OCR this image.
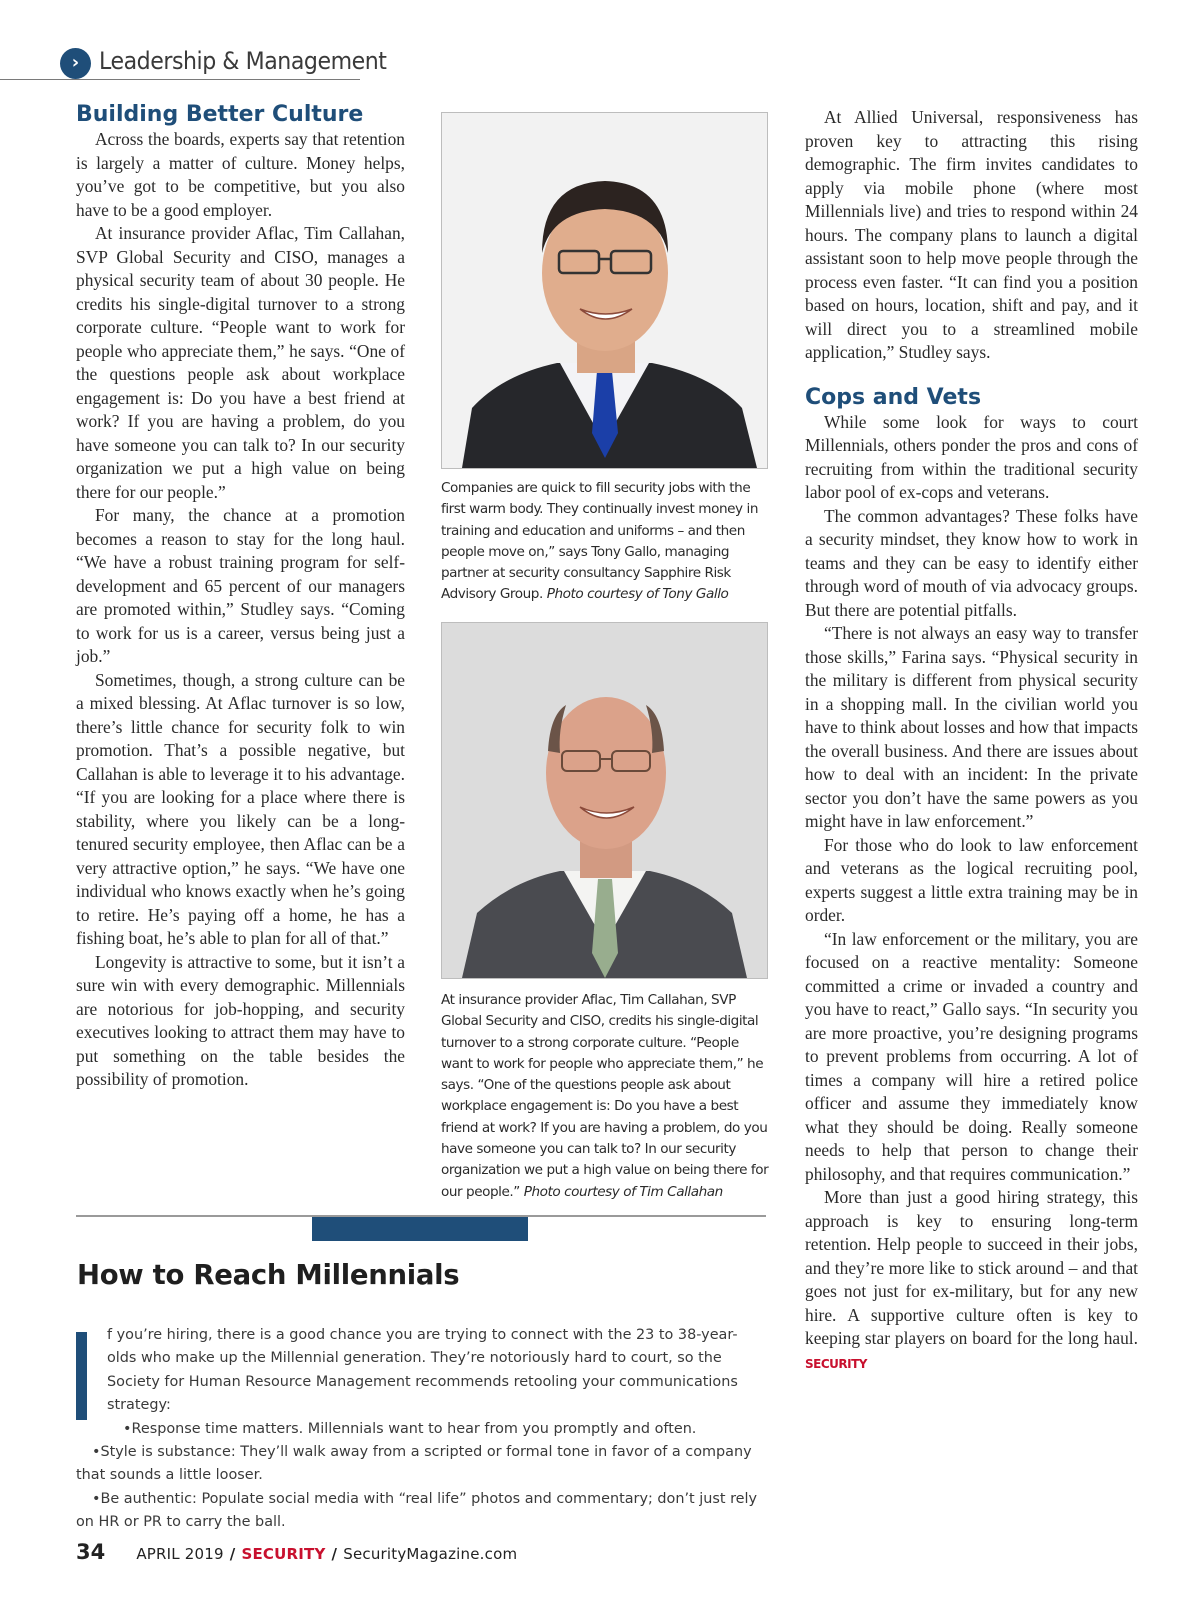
› Leadership & Management
Building Better Culture

Across the boards, experts say that retention is largely a matter of culture. Money helps, you’ve got to be competitive, but you also have to be a good employer.

At insurance provider Aflac, Tim Callahan, SVP Global Security and CISO, manages a physical security team of about 30 people. He credits his single-digital turnover to a strong corporate culture. “People want to work for people who appreciate them,” he says. “One of the questions people ask about workplace engagement is: Do you have a best friend at work? If you are having a problem, do you have someone you can talk to? In our security organization we put a high value on being there for our people.”

For many, the chance at a promotion becomes a reason to stay for the long haul. “We have a robust training program for self-development and 65 percent of our managers are promoted within,” Studley says. “Coming to work for us is a career, versus being just a job.”

Sometimes, though, a strong culture can be a mixed blessing. At Aflac turnover is so low, there’s little chance for security folk to win promotion. That’s a possible negative, but Callahan is able to leverage it to his advantage. “If you are looking for a place where there is stability, where you likely can be a long-tenured security employee, then Aflac can be a very attractive option,” he says. “We have one individual who knows exactly when he’s going to retire. He’s paying off a home, he has a fishing boat, he’s able to plan for all of that.”

Longevity is attractive to some, but it isn’t a sure win with every demographic. Millennials are notorious for job-hopping, and security executives looking to attract them may have to put something on the table besides the possibility of promotion.

Companies are quick to fill security jobs with the first warm body. They continually invest money in training and education and uniforms – and then people move on,” says Tony Gallo, managing partner at security consultancy Sapphire Risk Advisory Group. Photo courtesy of Tony Gallo
At insurance provider Aflac, Tim Callahan, SVP Global Security and CISO, credits his single-digital turnover to a strong corporate culture. “People want to work for people who appreciate them,” he says. “One of the questions people ask about workplace engagement is: Do you have a best friend at work? If you are having a problem, do you have someone you can talk to? In our security organization we put a high value on being there for our people.” Photo courtesy of Tim Callahan

At Allied Universal, responsiveness has proven key to attracting this rising demographic. The firm invites candidates to apply via mobile phone (where most Millennials live) and tries to respond within 24 hours. The company plans to launch a digital assistant soon to help move people through the process even faster. “It can find you a position based on hours, location, shift and pay, and it will direct you to a streamlined mobile application,” Studley says.

Cops and Vets

While some look for ways to court Millennials, others ponder the pros and cons of recruiting from within the traditional security labor pool of ex-cops and veterans.

The common advantages? These folks have a security mindset, they know how to work in teams and they can be easy to identify either through word of mouth of via advocacy groups. But there are potential pitfalls.

“There is not always an easy way to transfer those skills,” Farina says. “Physical security in the military is different from physical security in a shopping mall. In the civilian world you have to think about losses and how that impacts the overall business. And there are issues about how to deal with an incident: In the private sector you don’t have the same powers as you might have in law enforcement.”

For those who do look to law enforcement and veterans as the logical recruiting pool, experts suggest a little extra training may be in order.

“In law enforcement or the military, you are focused on a reactive mentality: Someone committed a crime or invaded a country and you have to react,” Gallo says. “In security you are more proactive, you’re designing programs to prevent problems from occurring. A lot of times a company will hire a retired police officer and assume they immediately know what they should be doing. Really someone needs to help that person to change their philosophy, and that requires communication.”

More than just a good hiring strategy, this approach is key to ensuring long-term retention. Help people to succeed in their jobs, and they’re more like to stick around – and that goes not just for ex-military, but for any new hire. A supportive culture often is key to keeping star players on board for the long haul. SECURITY

How to Reach Millennials

f you’re hiring, there is a good chance you are trying to connect with the 23 to 38-year-olds who make up the Millennial generation. They’re notoriously hard to court, so the Society for Human Resource Management recommends retooling your communications strategy:

•Response time matters. Millennials want to hear from you promptly and often.

•Style is substance: They’ll walk away from a scripted or formal tone in favor of a company that sounds a little looser.

•Be authentic: Populate social media with “real life” photos and commentary; don’t just rely on HR or PR to carry the ball.

34 APRIL 2019 / SECURITY / SecurityMagazine.com
